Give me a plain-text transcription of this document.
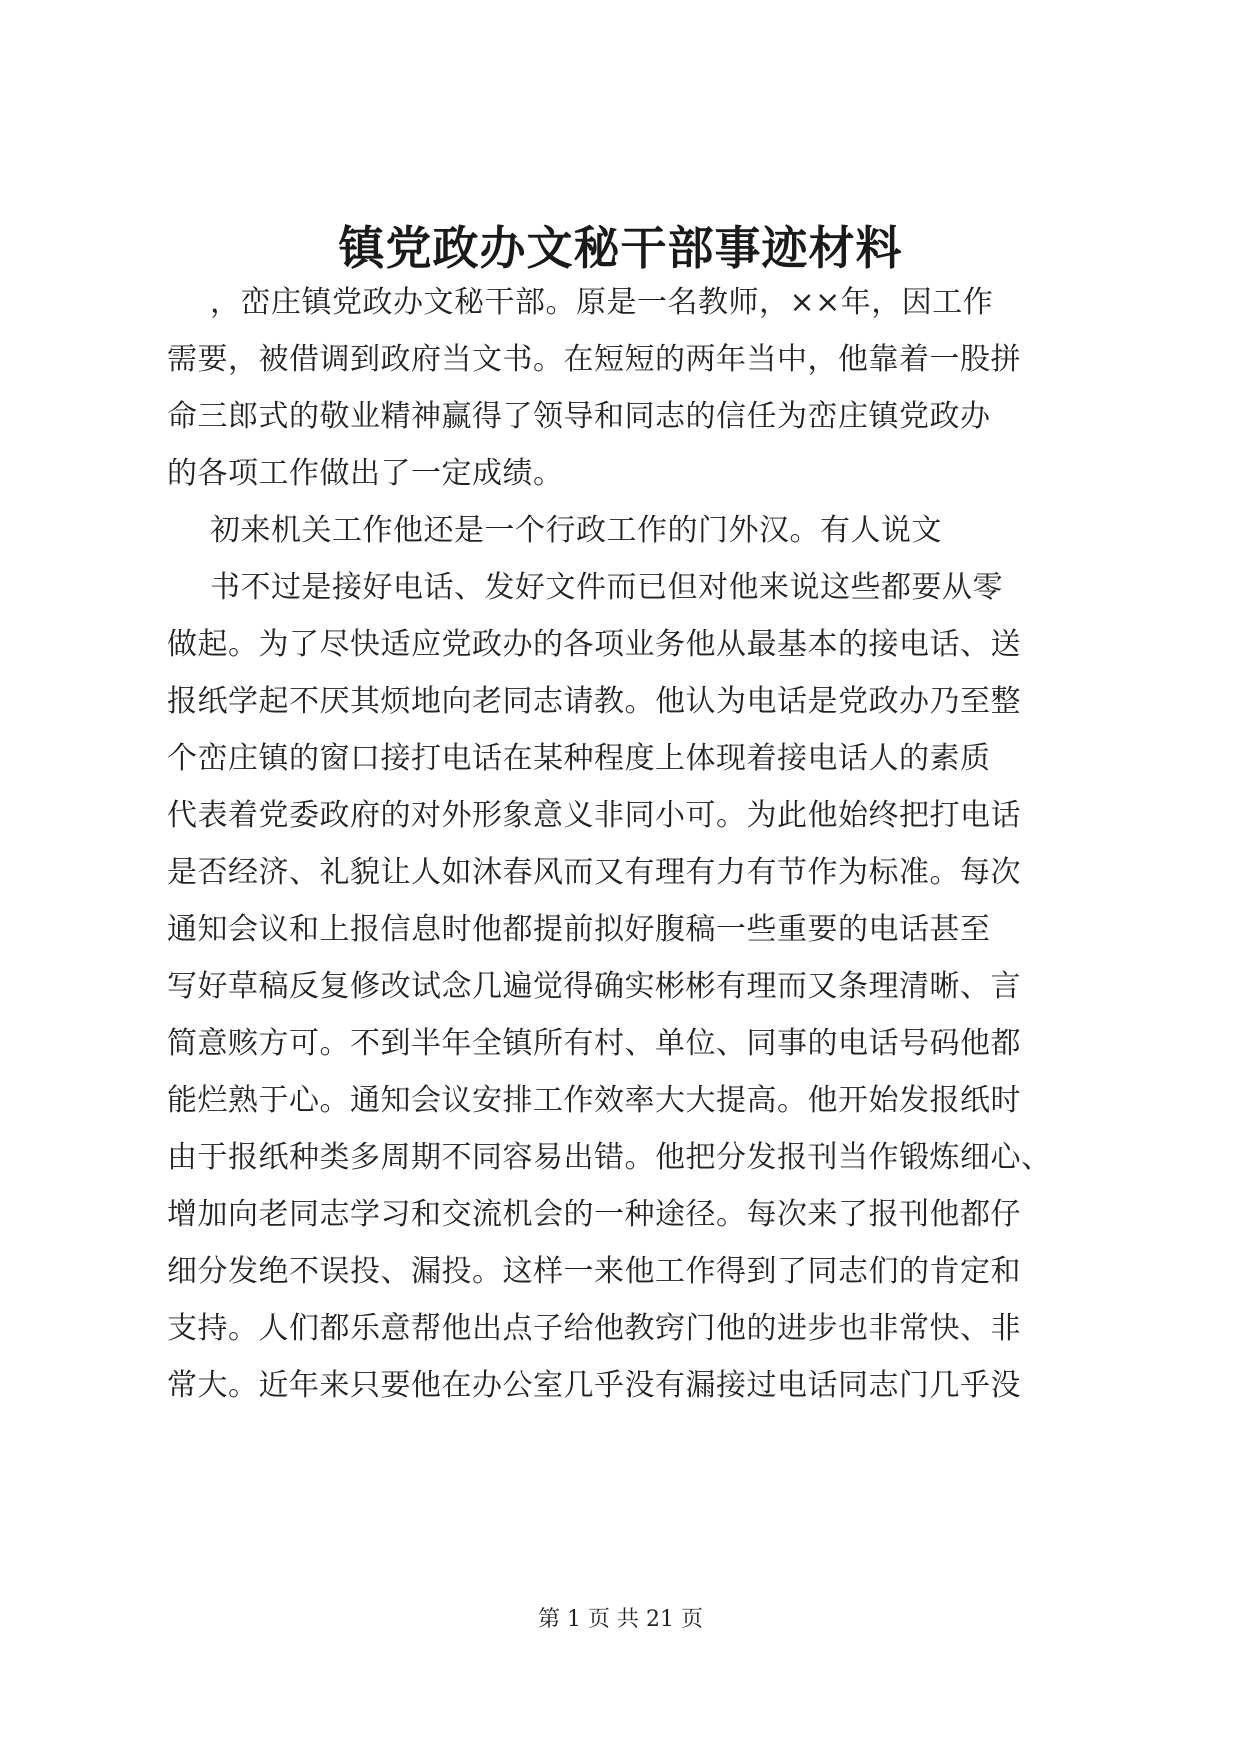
镇党政办文秘干部事迹材料
，峦庄镇党政办文秘干部。原是一名教师，××年，因工作
需要，被借调到政府当文书。在短短的两年当中，他靠着一股拼
命三郎式的敬业精神赢得了领导和同志的信任为峦庄镇党政办
的各项工作做出了一定成绩。
初来机关工作他还是一个行政工作的门外汉。有人说文
书不过是接好电话、发好文件而已但对他来说这些都要从零
做起。为了尽快适应党政办的各项业务他从最基本的接电话、送
报纸学起不厌其烦地向老同志请教。他认为电话是党政办乃至整
个峦庄镇的窗口接打电话在某种程度上体现着接电话人的素质
代表着党委政府的对外形象意义非同小可。为此他始终把打电话
是否经济、礼貌让人如沐春风而又有理有力有节作为标准。每次
通知会议和上报信息时他都提前拟好腹稿一些重要的电话甚至
写好草稿反复修改试念几遍觉得确实彬彬有理而又条理清晰、言
简意赅方可。不到半年全镇所有村、单位、同事的电话号码他都
能烂熟于心。通知会议安排工作效率大大提高。他开始发报纸时
由于报纸种类多周期不同容易出错。他把分发报刊当作锻炼细心、
增加向老同志学习和交流机会的一种途径。每次来了报刊他都仔
细分发绝不误投、漏投。这样一来他工作得到了同志们的肯定和
支持。人们都乐意帮他出点子给他教窍门他的进步也非常快、非
常大。近年来只要他在办公室几乎没有漏接过电话同志门几乎没
第 1 页 共 21 页
